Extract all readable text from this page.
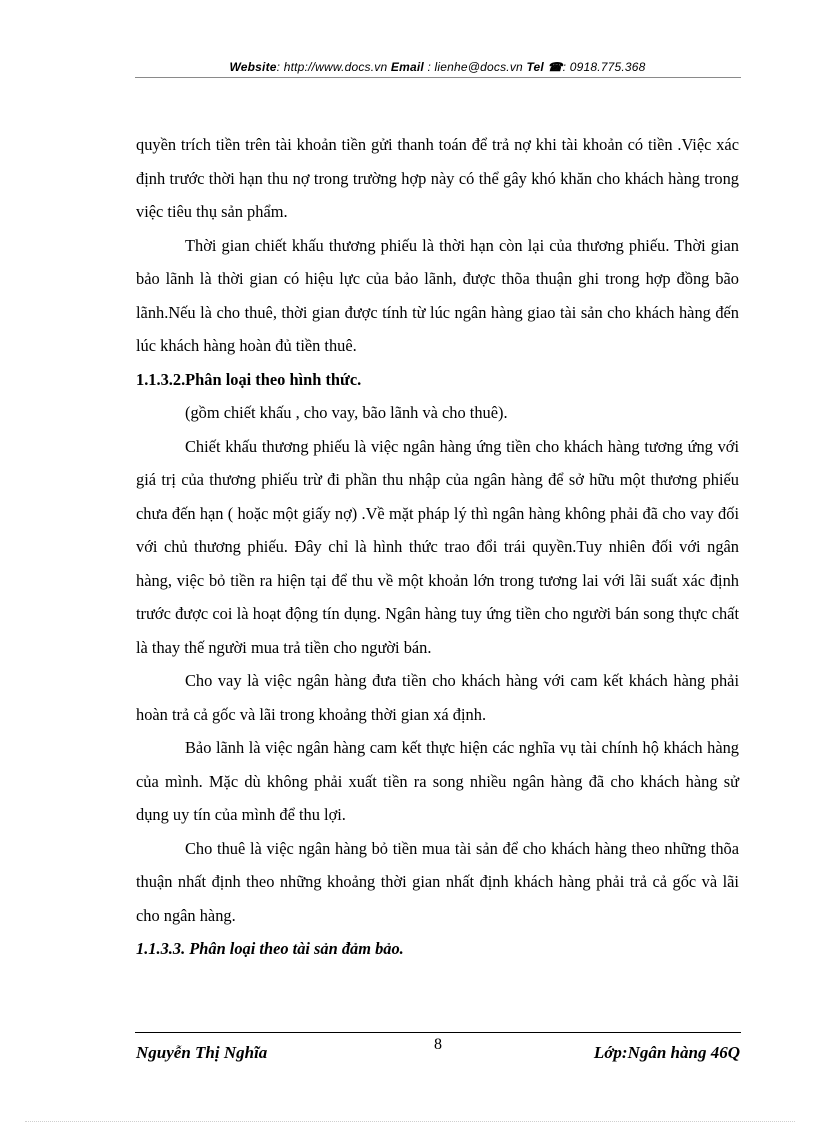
Website: http://www.docs.vn Email : lienhe@docs.vn Tel ☎: 0918.775.368

quyền trích tiền trên tài khoản tiền gửi thanh toán để trả nợ khi tài khoản có tiền .Việc xác định trước thời hạn thu nợ trong trường hợp này có thể gây khó khăn cho khách hàng trong việc tiêu thụ sản phẩm.

Thời gian chiết khấu thương phiếu là thời hạn còn lại của thương phiếu. Thời gian bảo lãnh là thời gian có hiệu lực của bảo lãnh, được thõa thuận ghi trong hợp đồng bão lãnh.Nếu là cho thuê, thời gian được tính từ lúc ngân hàng giao tài sản cho khách hàng đến lúc khách hàng hoàn đủ tiền thuê.

1.1.3.2.Phân loại theo hình thức.

(gồm chiết khấu , cho vay, bão lãnh và cho thuê).

Chiết khấu thương phiếu là việc ngân hàng ứng tiền cho khách hàng tương ứng với giá trị của thương phiếu trừ đi phần thu nhập của ngân hàng để sở hữu một thương phiếu chưa đến hạn ( hoặc một giấy nợ) .Về mặt pháp lý thì ngân hàng không phải đã cho vay đối với chủ thương phiếu. Đây chỉ là hình thức trao đổi trái quyền.Tuy nhiên đối với ngân hàng, việc bỏ tiền ra hiện tại để thu về một khoản lớn trong tương lai với lãi suất xác định trước được coi là hoạt động tín dụng. Ngân hàng tuy ứng tiền cho người bán song thực chất là thay thế người mua trả tiền cho người bán.

Cho vay là việc ngân hàng đưa tiền cho khách hàng với cam kết khách hàng phải hoàn trả cả gốc và lãi trong khoảng thời gian xá định.

Bảo lãnh là việc ngân hàng cam kết thực hiện các nghĩa vụ tài chính hộ khách hàng của mình. Mặc dù không phải xuất tiền ra song nhiều ngân hàng đã cho khách hàng sử dụng uy tín của mình để thu lợi.

Cho thuê là việc ngân hàng bỏ tiền mua tài sản để cho khách hàng theo những thõa thuận nhất định theo những khoảng thời gian nhất định khách hàng phải trả cả gốc và lãi cho ngân hàng.

1.1.3.3. Phân loại theo tài sản đảm bảo.

Nguyễn Thị Nghĩa	8	Lớp:Ngân hàng 46Q
